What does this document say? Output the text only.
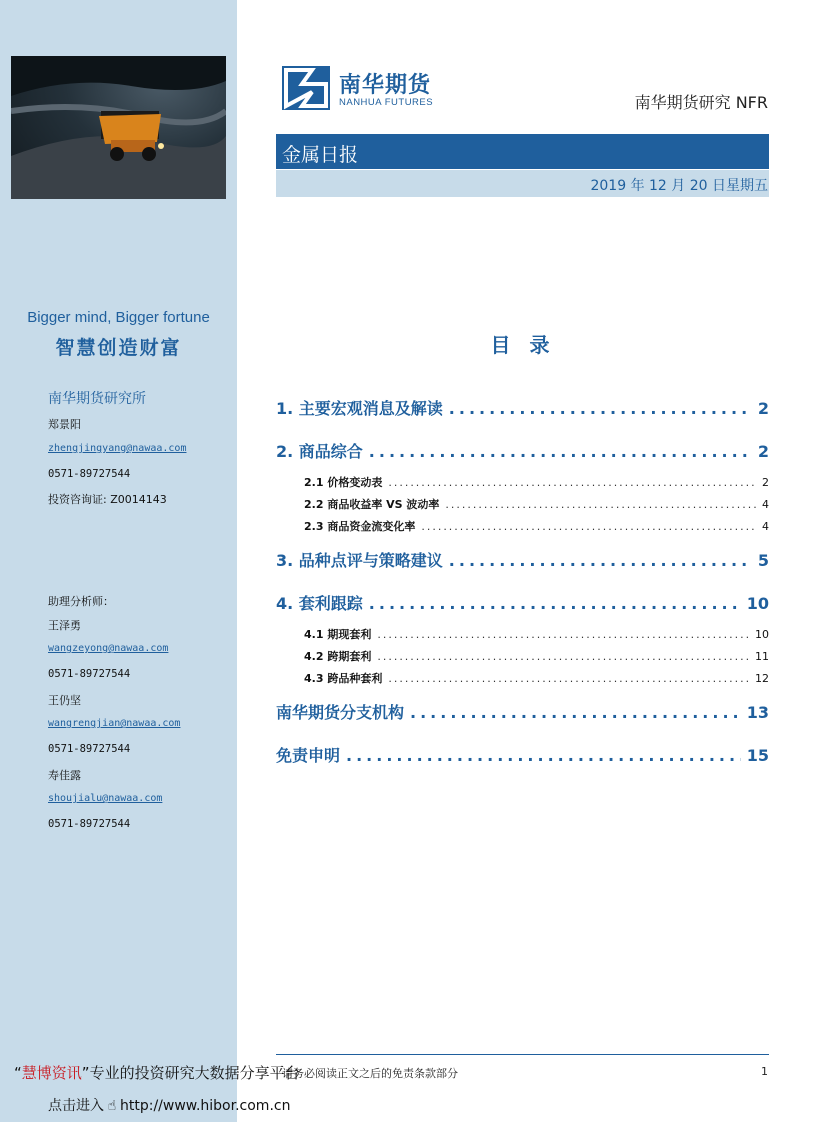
Bigger mind, Bigger fortune
智慧创造财富
南华期货研究所
郑景阳
zhengjingyang@nawaa.com
0571-89727544
投资咨询证: Z0014143
助理分析师：
王泽勇
wangzeyong@nawaa.com
0571-89727544
王仍坚
wangrengjian@nawaa.com
0571-89727544
寿佳露
shoujialu@nawaa.com
0571-89727544
南华期货
NANHUA FUTURES	南华期货研究 NFR
金属日报
2019 年 12 月 20 日星期五
目 录
1. 主要宏观消息及解读 .....	2
2. 商品综合 .....	2
2.1 价格变动表 .....	2
2.2 商品收益率 VS 波动率 .....	4
2.3 商品资金流变化率 .....	4
3. 品种点评与策略建议 .....	5
4. 套利跟踪 .....	10
4.1 期现套利 .....	10
4.2 跨期套利 .....	11
4.3 跨品种套利 .....	12
南华期货分支机构 .....	13
免责申明 .....	15
请务必阅读正文之后的免责条款部分	1
“慧博资讯”专业的投资研究大数据分享平台
点击进入 ☝ http://www.hibor.com.cn
